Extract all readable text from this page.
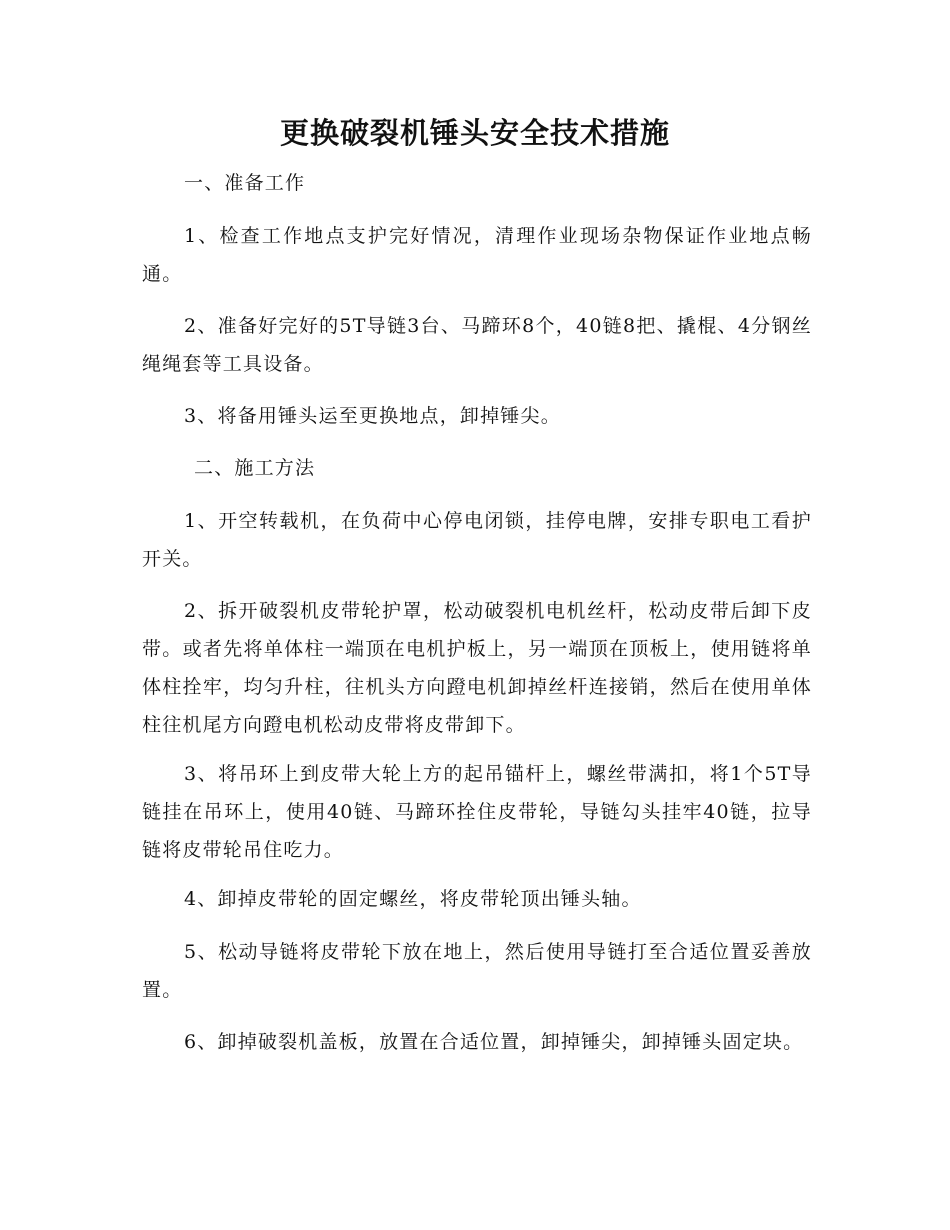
更换破裂机锤头安全技术措施

一、准备工作

1、检查工作地点支护完好情况，清理作业现场杂物保证作业地点畅通。

2、准备好完好的5T导链3台、马蹄环8个，40链8把、撬棍、4分钢丝绳绳套等工具设备。

3、将备用锤头运至更换地点，卸掉锤尖。

二、施工方法

1、开空转载机，在负荷中心停电闭锁，挂停电牌，安排专职电工看护开关。

2、拆开破裂机皮带轮护罩，松动破裂机电机丝杆，松动皮带后卸下皮带。或者先将单体柱一端顶在电机护板上，另一端顶在顶板上，使用链将单体柱拴牢，均匀升柱，往机头方向蹬电机卸掉丝杆连接销，然后在使用单体柱往机尾方向蹬电机松动皮带将皮带卸下。

3、将吊环上到皮带大轮上方的起吊锚杆上，螺丝带满扣，将1个5T导链挂在吊环上，使用40链、马蹄环拴住皮带轮，导链勾头挂牢40链，拉导链将皮带轮吊住吃力。

4、卸掉皮带轮的固定螺丝，将皮带轮顶出锤头轴。

5、松动导链将皮带轮下放在地上，然后使用导链打至合适位置妥善放置。

6、卸掉破裂机盖板，放置在合适位置，卸掉锤尖，卸掉锤头固定块。
